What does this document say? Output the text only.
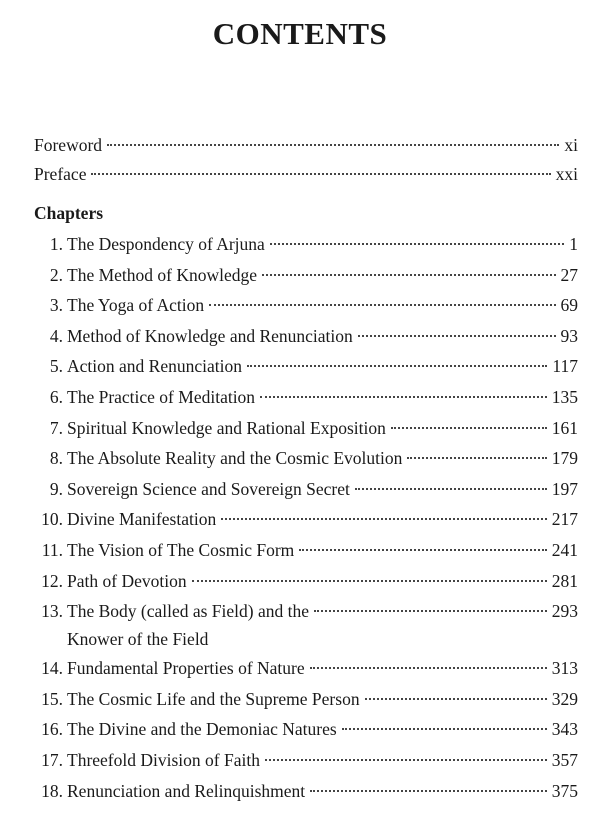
CONTENTS
Foreword	xi
Preface	xxi
Chapters
1. The Despondency of Arjuna	1
2. The Method of Knowledge	27
3. The Yoga of Action	69
4. Method of Knowledge and Renunciation	93
5. Action and Renunciation	117
6. The Practice of Meditation	135
7. Spiritual Knowledge and Rational Exposition	161
8. The Absolute Reality and the Cosmic Evolution	179
9. Sovereign Science and Sovereign Secret	197
10. Divine Manifestation	217
11. The Vision of The Cosmic Form	241
12. Path of Devotion	281
13. The Body (called as Field) and the	293
Knower of the Field
14. Fundamental Properties of Nature	313
15. The Cosmic Life and the Supreme Person	329
16. The Divine and the Demoniac Natures	343
17. Threefold Division of Faith	357
18. Renunciation and Relinquishment	375
